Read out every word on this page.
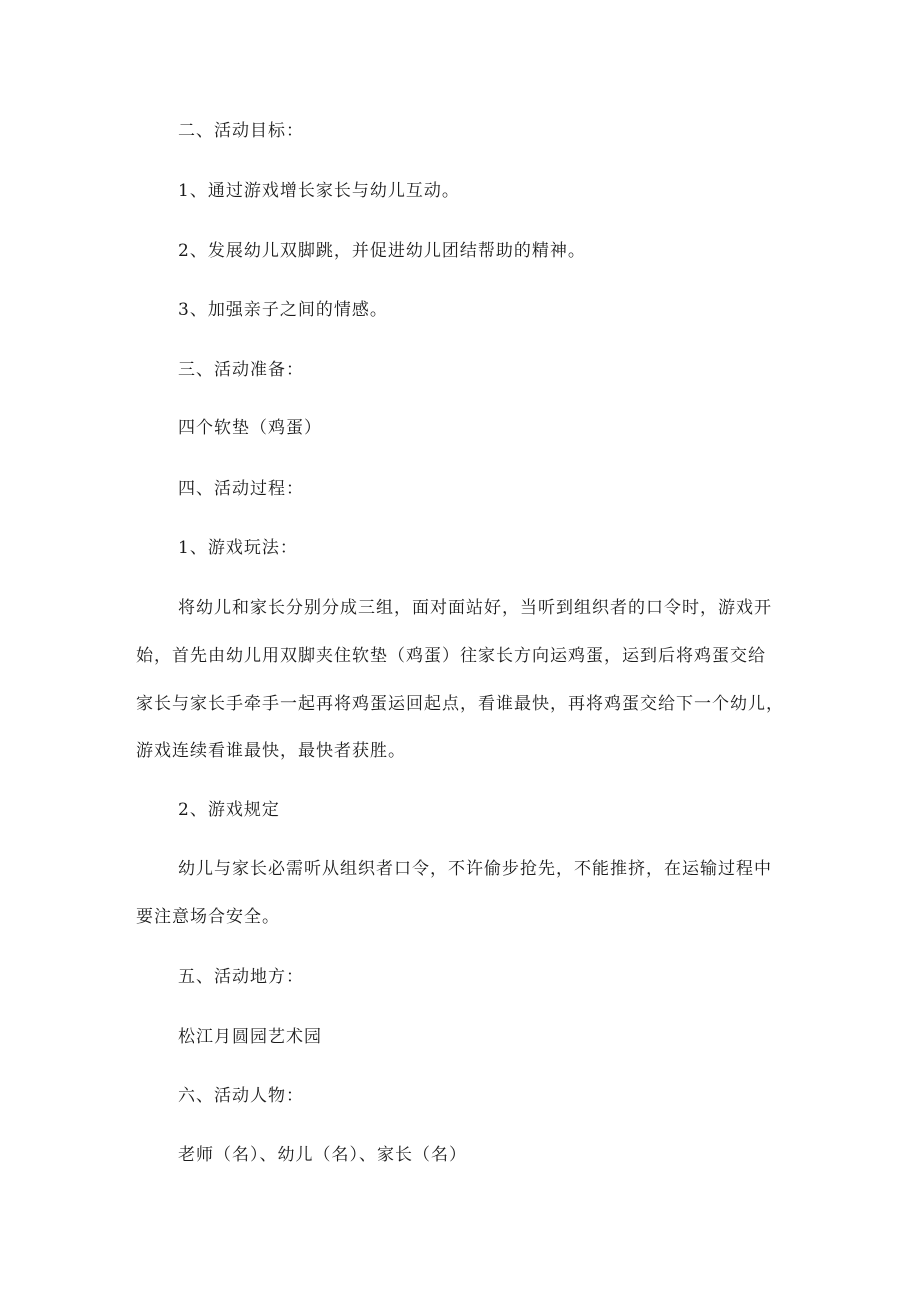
二、活动目标：
1、通过游戏增长家长与幼儿互动。
2、发展幼儿双脚跳，并促进幼儿团结帮助的精神。
3、加强亲子之间的情感。
三、活动准备：
四个软垫（鸡蛋）
四、活动过程：
1、游戏玩法：
将幼儿和家长分别分成三组，面对面站好，当听到组织者的口令时，游戏开
始，首先由幼儿用双脚夹住软垫（鸡蛋）往家长方向运鸡蛋，运到后将鸡蛋交给
家长与家长手牵手一起再将鸡蛋运回起点，看谁最快，再将鸡蛋交给下一个幼儿，
游戏连续看谁最快，最快者获胜。
2、游戏规定
幼儿与家长必需听从组织者口令，不许偷步抢先，不能推挤，在运输过程中
要注意场合安全。
五、活动地方：
松江月圆园艺术园
六、活动人物：
老师（名）、幼儿（名）、家长（名）
